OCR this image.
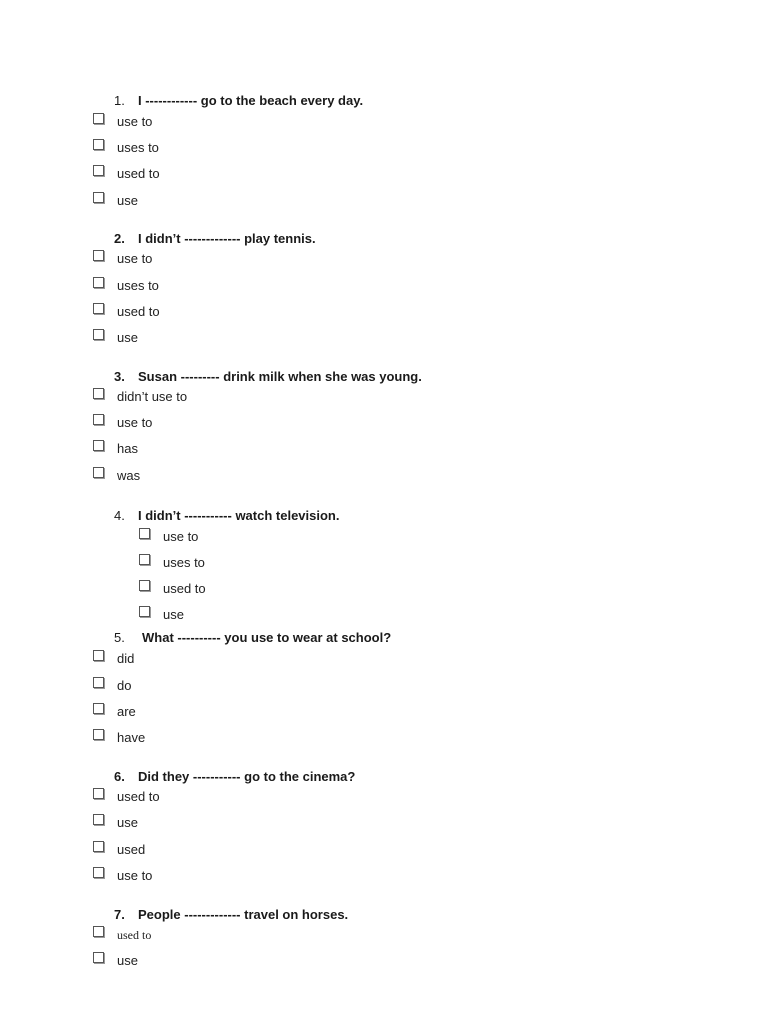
1. I ------------ go to the beach every day.
use to
uses to
used to
use
2. I didn’t ------------- play tennis.
use to
uses to
used to
use
3. Susan --------- drink milk when she was young.
didn’t use to
use to
has
was
4. I didn’t ----------- watch television.
use to
uses to
used to
use
5. What ---------- you use to wear at school?
did
do
are
have
6. Did they ----------- go to the cinema?
used to
use
used
use to
7. People ------------- travel on horses.
used to
use
